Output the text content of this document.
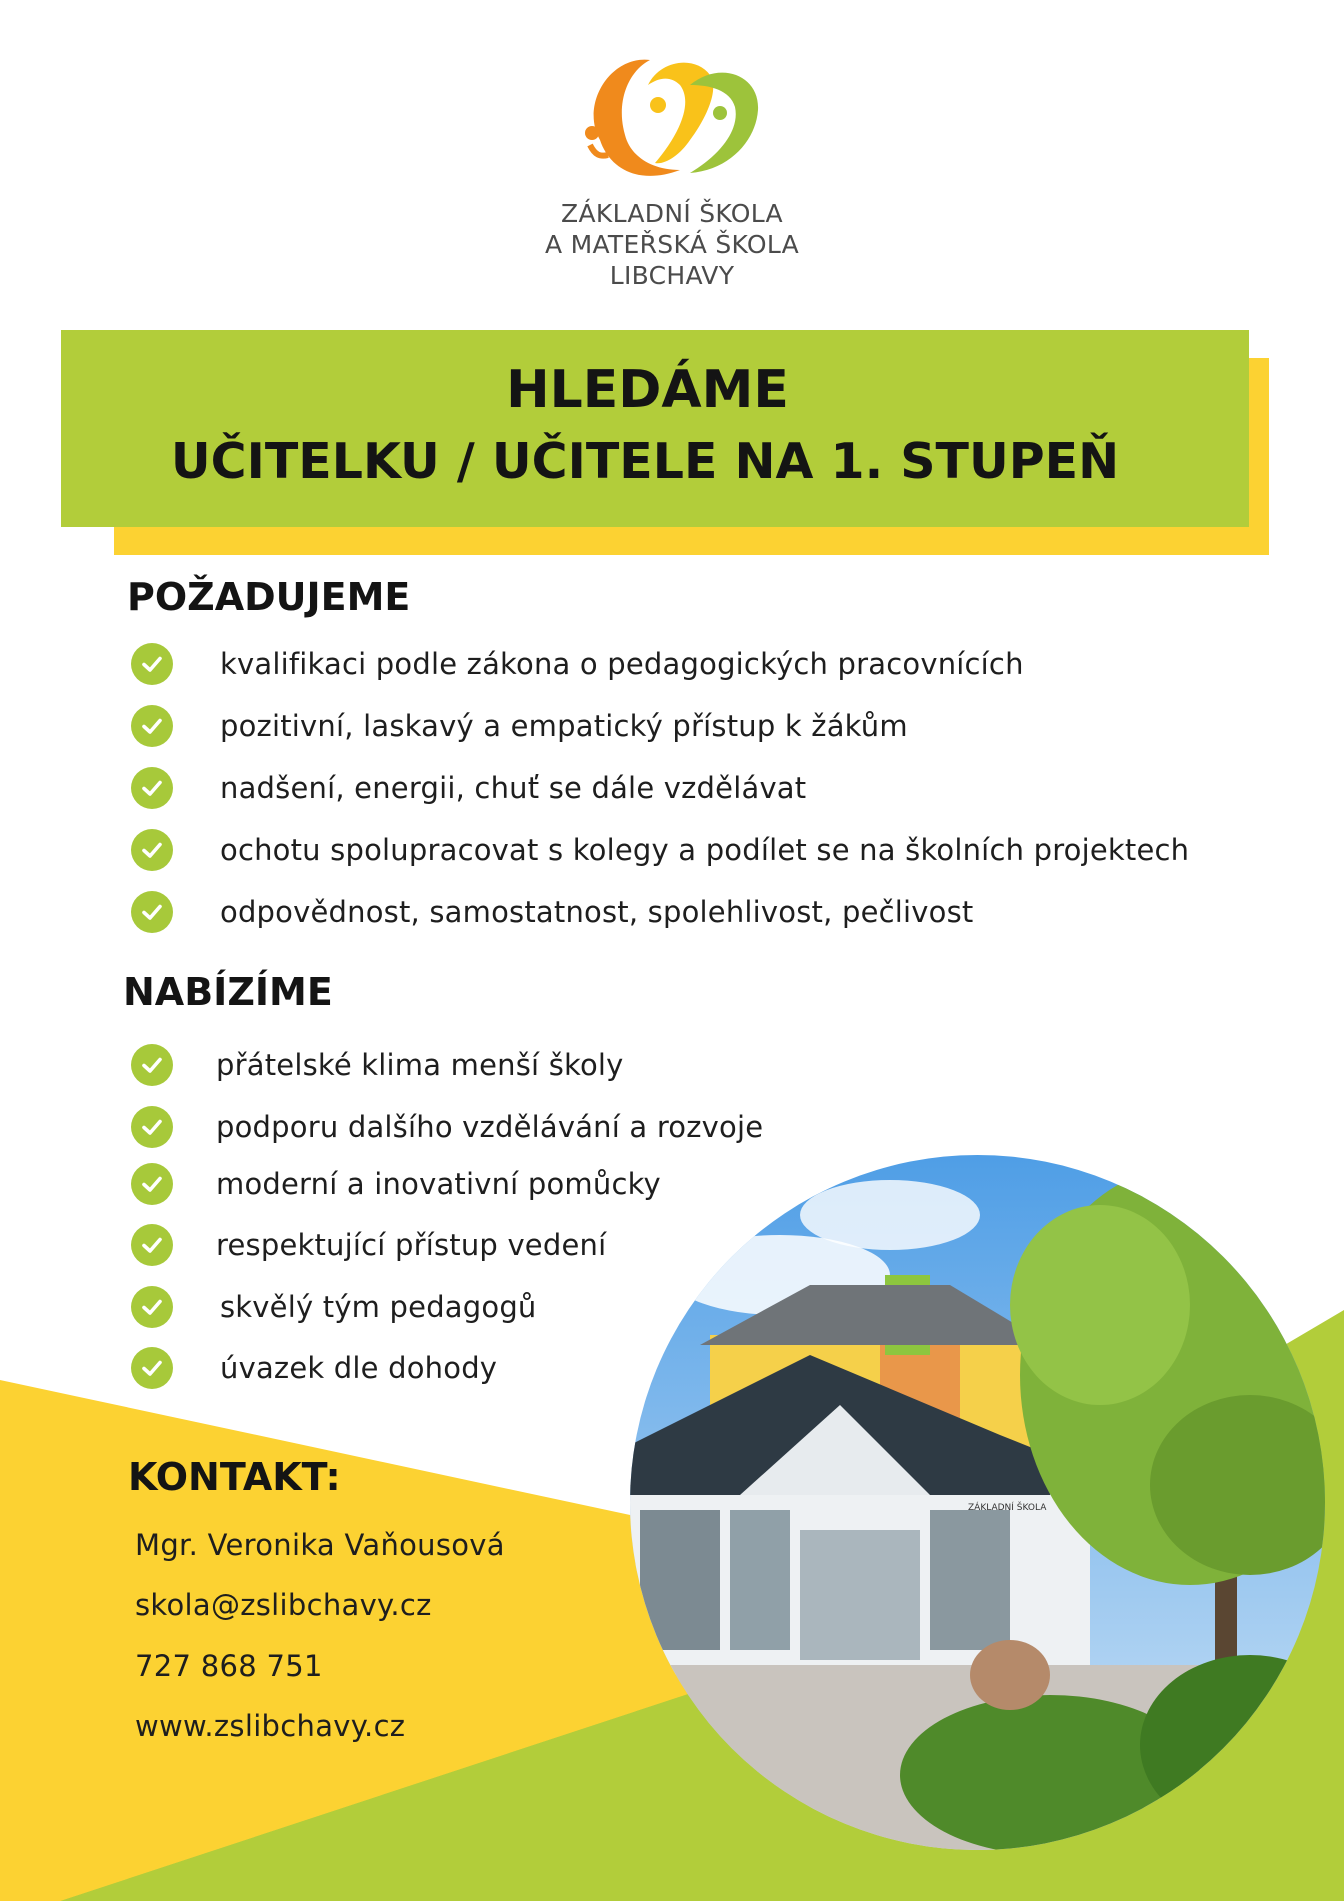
ZÁKLADNÍ ŠKOLA
A MATEŘSKÁ ŠKOLA
LIBCHAVY
HLEDÁME
UČITELKU / UČITELE NA 1. STUPEŇ
POŽADUJEME
kvalifikaci podle zákona o pedagogických pracovnících
pozitivní, laskavý a empatický přístup k žákům
nadšení, energii, chuť se dále vzdělávat
ochotu spolupracovat s kolegy a podílet se na školních projektech
odpovědnost, samostatnost, spolehlivost, pečlivost
NABÍZÍME
přátelské klima menší školy
podporu dalšího vzdělávání a rozvoje
moderní a inovativní pomůcky
respektující přístup vedení
skvělý tým pedagogů
úvazek dle dohody
KONTAKT:
Mgr. Veronika Vaňousová
skola@zslibchavy.cz
727 868 751
www.zslibchavy.cz
ZÁKLADNÍ ŠKOLA
